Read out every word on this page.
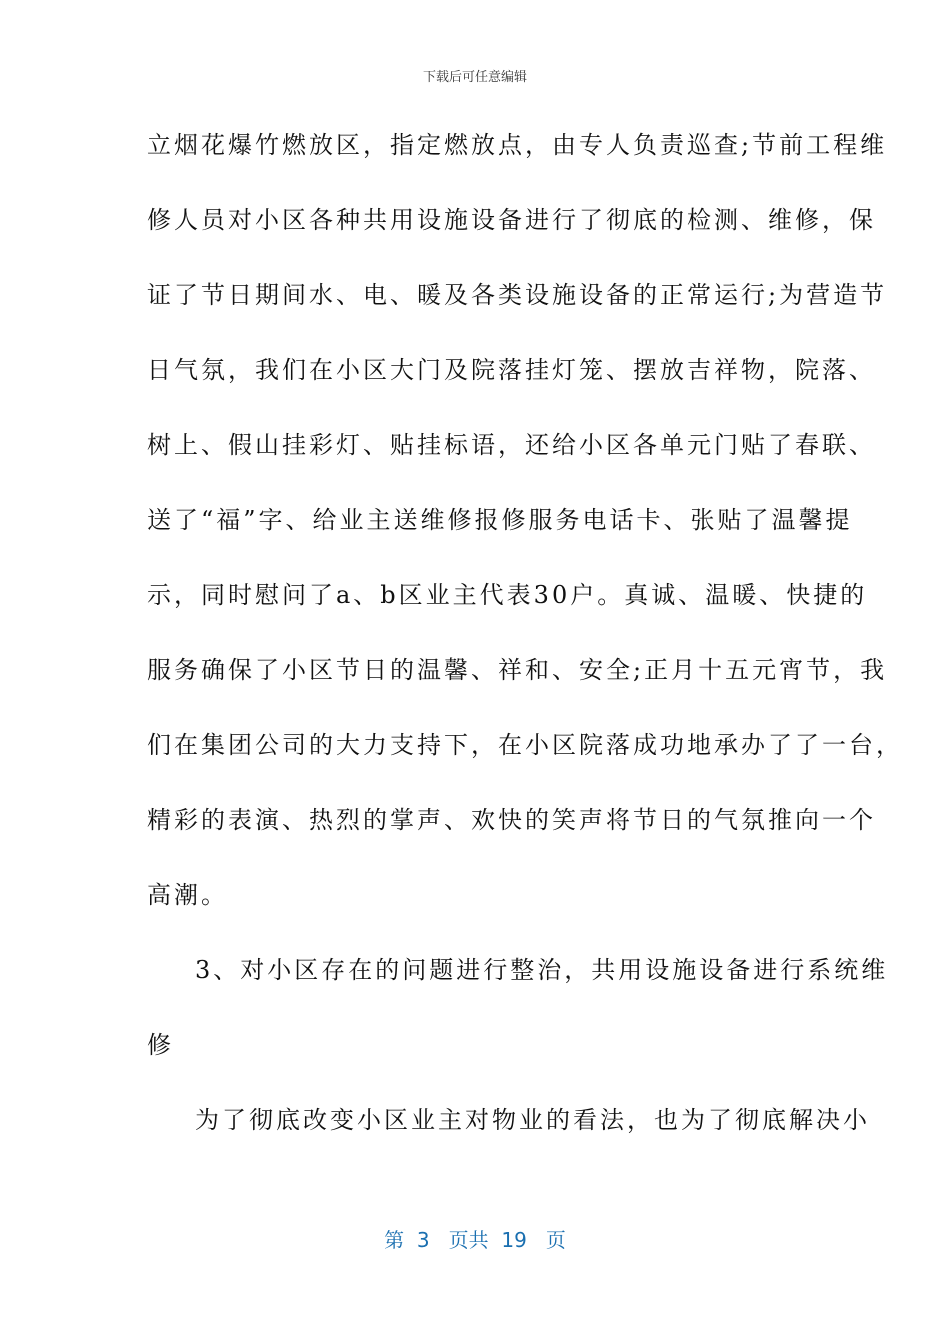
下载后可任意编辑
立烟花爆竹燃放区，指定燃放点，由专人负责巡查;节前工程维
修人员对小区各种共用设施设备进行了彻底的检测、维修，保
证了节日期间水、电、暖及各类设施设备的正常运行;为营造节
日气氛，我们在小区大门及院落挂灯笼、摆放吉祥物，院落、
树上、假山挂彩灯、贴挂标语，还给小区各单元门贴了春联、
送了“福”字、给业主送维修报修服务电话卡、张贴了温馨提
示，同时慰问了a、b区业主代表30户。真诚、温暖、快捷的
服务确保了小区节日的温馨、祥和、安全;正月十五元宵节，我
们在集团公司的大力支持下，在小区院落成功地承办了了一台，
精彩的表演、热烈的掌声、欢快的笑声将节日的气氛推向一个
高潮。
3、对小区存在的问题进行整治，共用设施设备进行系统维
修
为了彻底改变小区业主对物业的看法，也为了彻底解决小
第  3   页共  19   页
